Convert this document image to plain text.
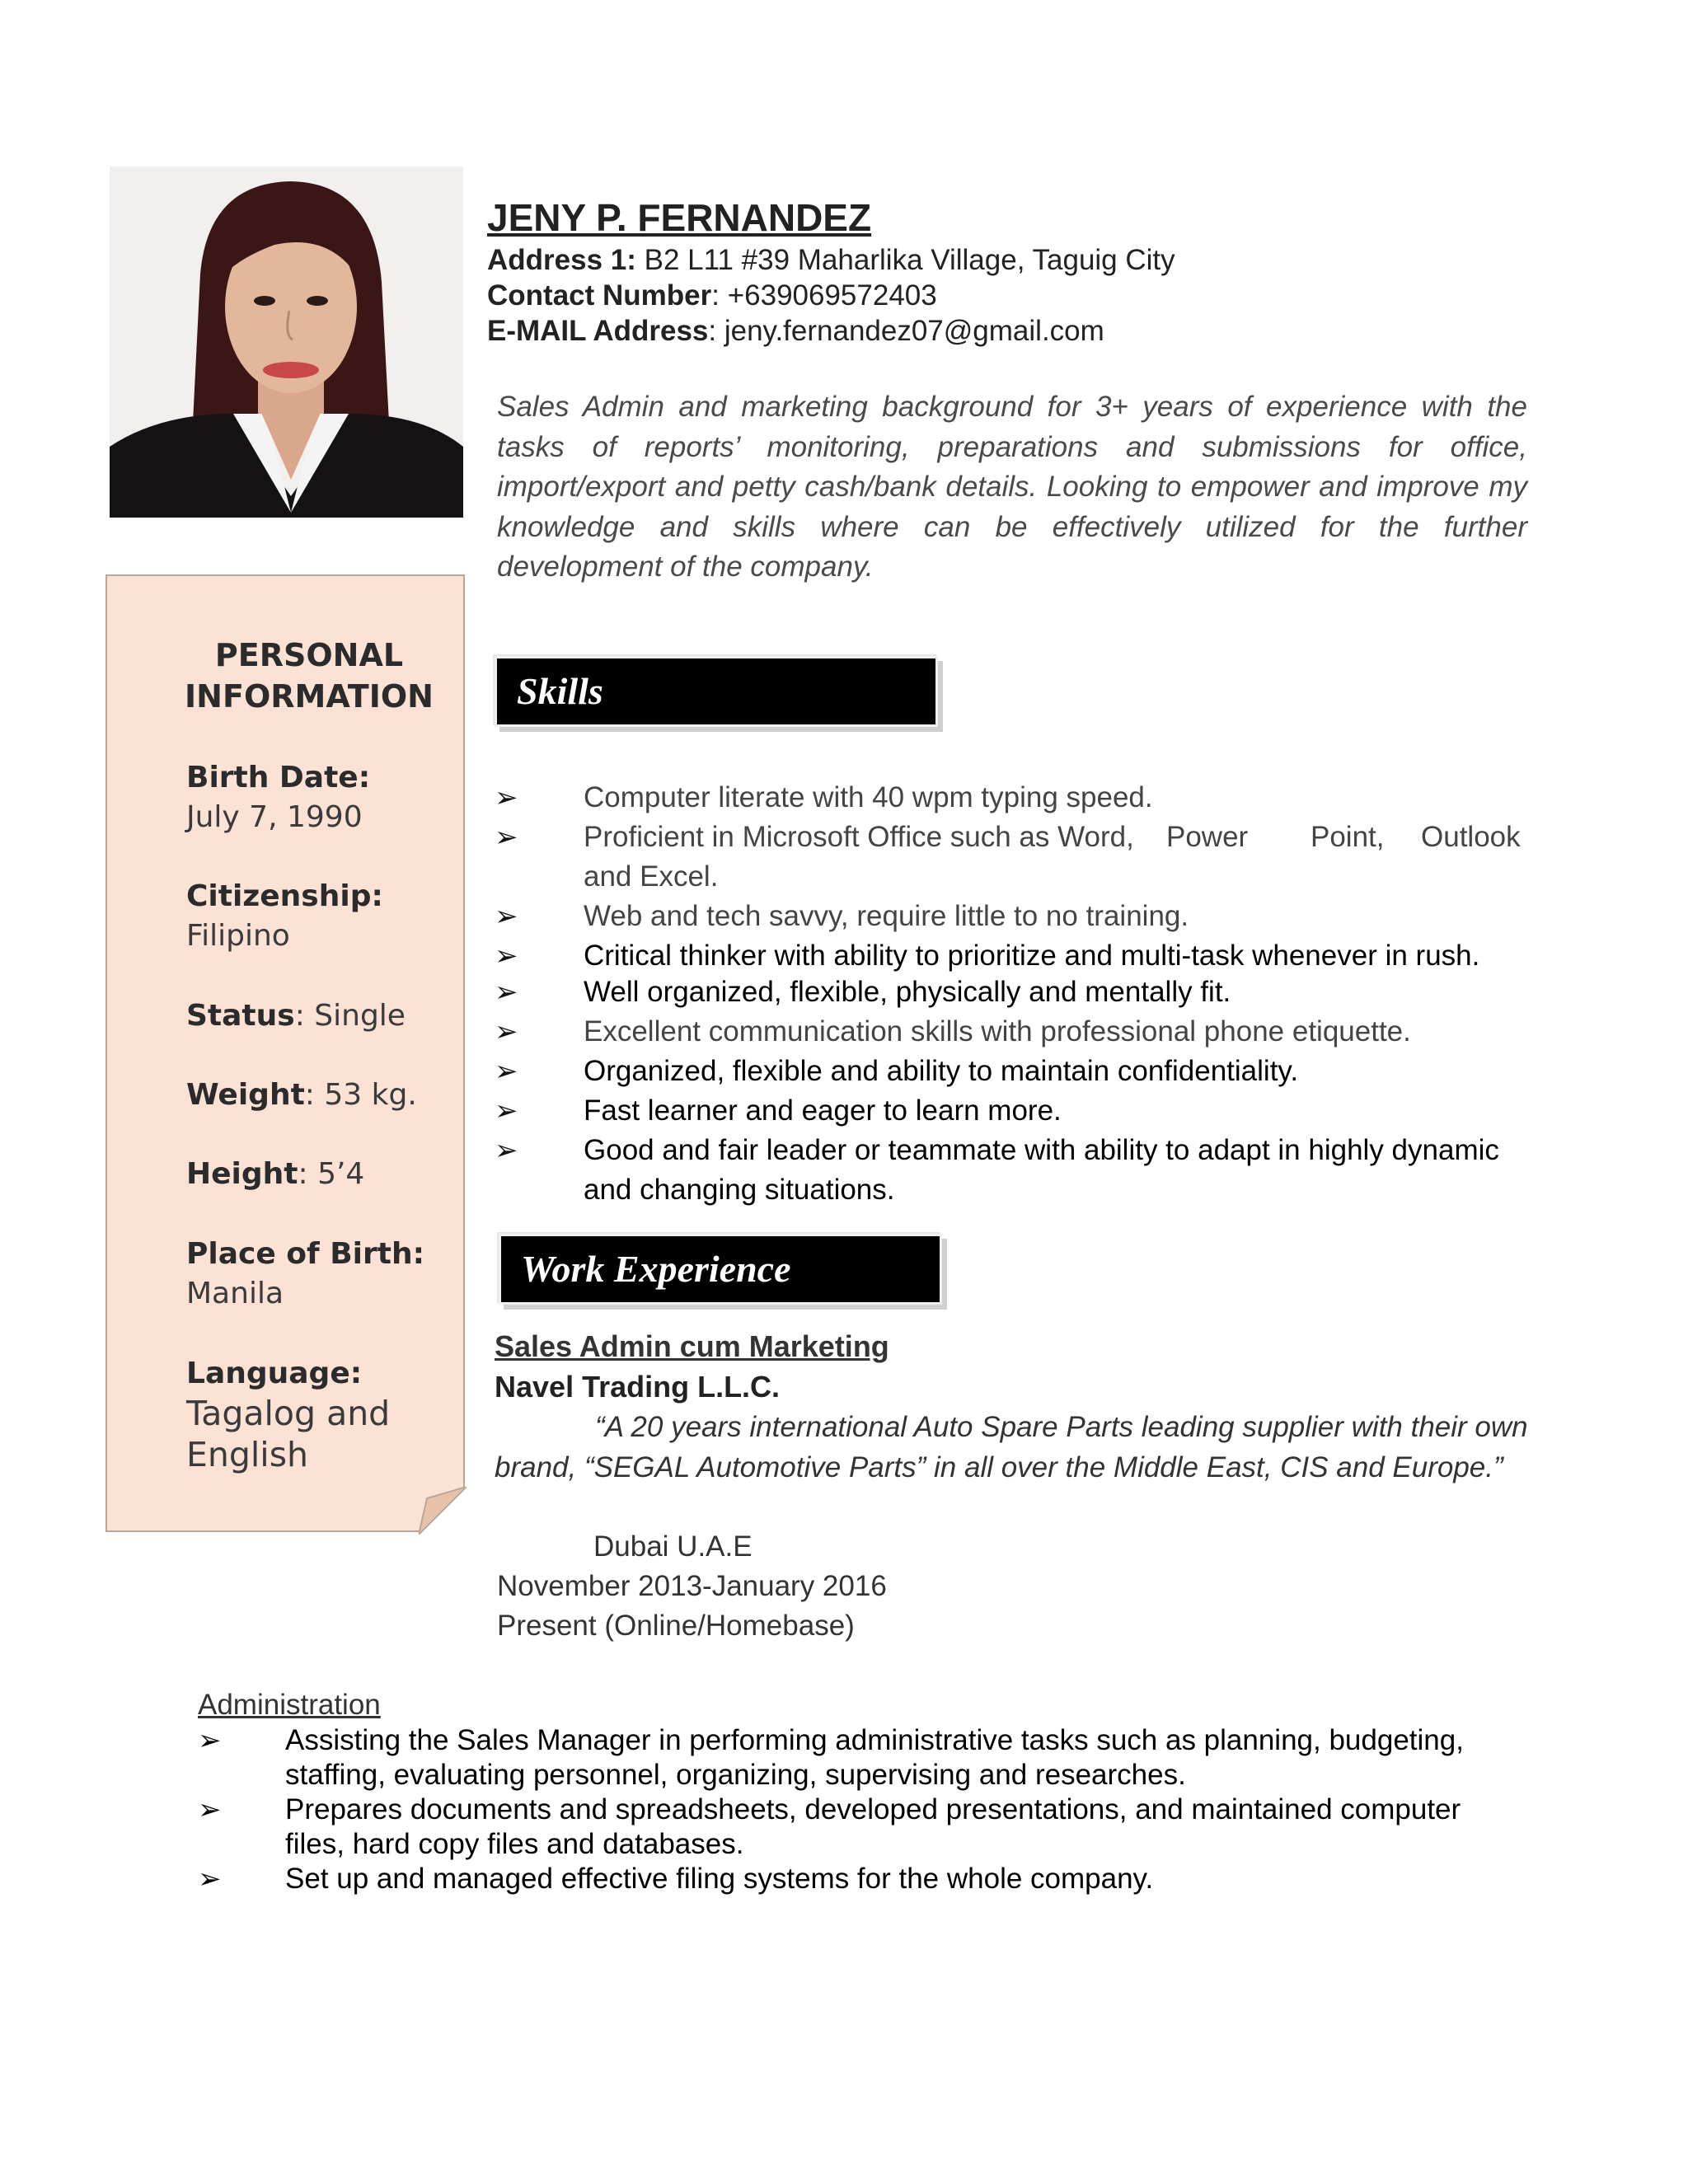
PERSONAL
INFORMATION
Birth Date:
July 7, 1990
Citizenship:
Filipino
Status: Single
Weight: 53 kg.
Height: 5’4
Place of Birth:
Manila
Language:
Tagalog and
English
JENY P. FERNANDEZ
Address 1: B2 L11 #39 Maharlika Village, Taguig City
Contact Number: +639069572403
E-MAIL Address: jeny.fernandez07@gmail.com
Sales Admin and marketing background for 3+ years of experience with the tasks of reports’ monitoring, preparations and submissions for office, import/export and petty cash/bank details. Looking to empower and improve my knowledge and skills where can be effectively utilized for the further development of the company.
Skills
➢ Computer literate with 40 wpm typing speed.
➢ Proficient in Microsoft Office such as Word, Power Point, Outlook
and Excel.
➢ Web and tech savvy, require little to no training.
➢ Critical thinker with ability to prioritize and multi-task whenever in rush.
➢ Well organized, flexible, physically and mentally fit.
➢ Excellent communication skills with professional phone etiquette.
➢ Organized, flexible and ability to maintain confidentiality.
➢ Fast learner and eager to learn more.
➢ Good and fair leader or teammate with ability to adapt in highly dynamic
and changing situations.
Work Experience
Sales Admin cum Marketing
Navel Trading L.L.C.
“A 20 years international Auto Spare Parts leading supplier with their own brand, “SEGAL Automotive Parts” in all over the Middle East, CIS and Europe.”
Dubai U.A.E
November 2013-January 2016
Present (Online/Homebase)
Administration
➢ Assisting the Sales Manager in performing administrative tasks such as planning, budgeting,
staffing, evaluating personnel, organizing, supervising and researches.
➢ Prepares documents and spreadsheets, developed presentations, and maintained computer
files, hard copy files and databases.
➢ Set up and managed effective filing systems for the whole company.
